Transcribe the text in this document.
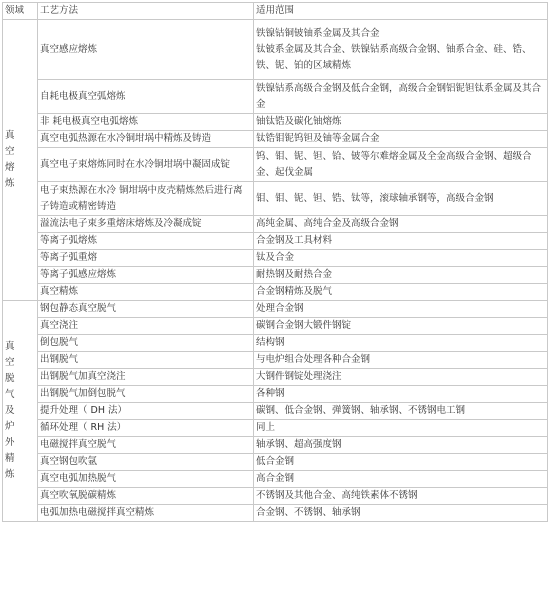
领域	工艺方法	适用范围

真空熔炼	真空感应熔炼	铁镍钴铜铍铀系金属及其合金
钛铍系金属及其合金、铁镍钴系高级合金钢、铀系合金、硅、锆、铁、铌、铂的区域精炼
	自耗电极真空弧熔炼	铁镍钴系高级合金钢及低合金钢，高级合金钢铝铌钽钛系金属及其合金
	非 耗电极真空电弧熔炼	铀钛锆及碳化铀熔炼
	真空电弧热源在水冷铜坩埚中精炼及铸造	钛锆钼铌钨钽及铀等金属合金
	真空电子束熔炼同时在水冷铜坩埚中凝固成锭	钨、钼、铌、钽、铪、铍等尔难熔金属及全金高级合金钢、超级合金、起伐金属
	电子束热源在水冷 铜坩埚中皮壳精炼然后进行离子铸造或精密铸造	钼、钼、铌、钽、锆、钛等，滚球轴承钢等，高级合金钢
	溢流法电子束多重熔床熔炼及冷凝成锭	高纯金属、高纯合金及高级合金钢
	等离子弧熔炼	合金钢及工具材料
	等离子弧重熔	钛及合金
	等离子弧感应熔炼	耐热钢及耐热合金
	真空精炼	合金钢精炼及脱气

真空脱气及炉外精炼	钢包静态真空脱气	处理合金钢
	真空浇注	碳钢合金钢大锻件钢锭
	倒包脱气	结构钢
	出钢脱气	与电炉组合处理各种合金钢
	出钢脱气加真空浇注	大钢件钢锭处理浇注
	出钢脱气加倒包脱气	各种钢
	提升处理（ DH 法）	碳钢、低合金钢、弹簧钢、轴承钢、不锈钢电工钢
	循环处理（ RH 法）	同上
	电磁搅拌真空脱气	轴承钢、超高强度钢
	真空钢包吹氩	低合金钢
	真空电弧加热脱气	高合金钢
	真空吹氧脱碳精炼	不锈钢及其他合金、高纯铁素体不锈钢
	电弧加热电磁搅拌真空精炼	合金钢、不锈钢、轴承钢
